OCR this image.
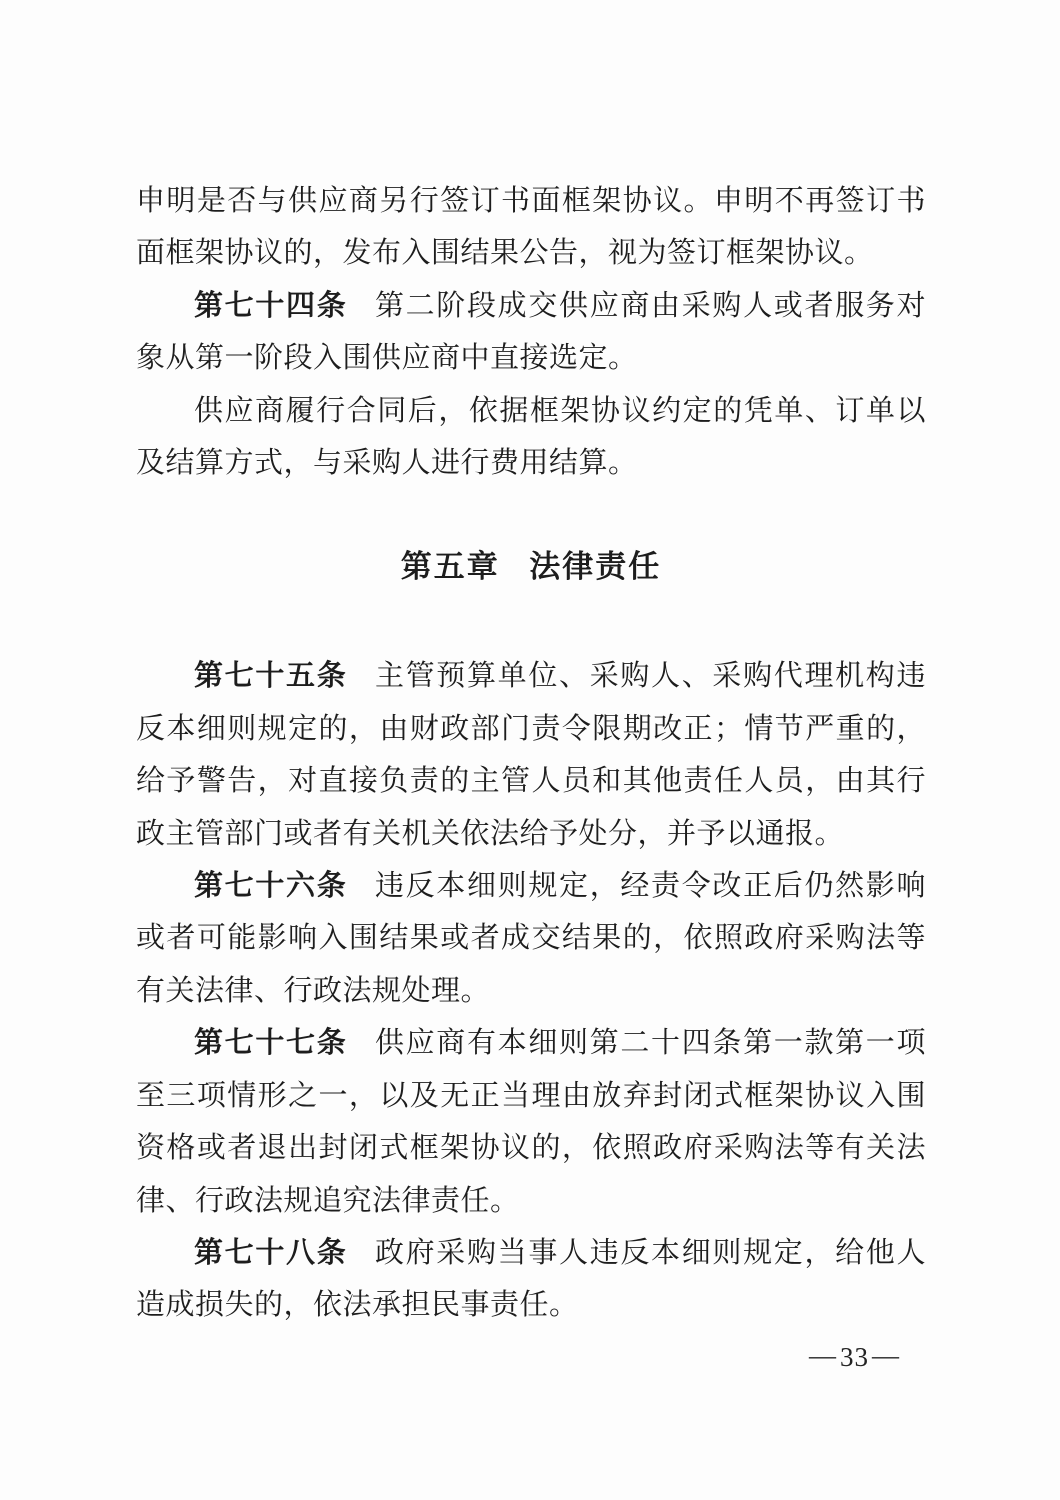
申明是否与供应商另行签订书面框架协议。申明不再签订书面框架协议的，发布入围结果公告，视为签订框架协议。

第七十四条 第二阶段成交供应商由采购人或者服务对象从第一阶段入围供应商中直接选定。

供应商履行合同后，依据框架协议约定的凭单、订单以及结算方式，与采购人进行费用结算。

第五章 法律责任

第七十五条 主管预算单位、采购人、采购代理机构违反本细则规定的，由财政部门责令限期改正；情节严重的，给予警告，对直接负责的主管人员和其他责任人员，由其行政主管部门或者有关机关依法给予处分，并予以通报。

第七十六条 违反本细则规定，经责令改正后仍然影响或者可能影响入围结果或者成交结果的，依照政府采购法等有关法律、行政法规处理。

第七十七条 供应商有本细则第二十四条第一款第一项至三项情形之一，以及无正当理由放弃封闭式框架协议入围资格或者退出封闭式框架协议的，依照政府采购法等有关法律、行政法规追究法律责任。

第七十八条 政府采购当事人违反本细则规定，给他人造成损失的，依法承担民事责任。

— 33 —
